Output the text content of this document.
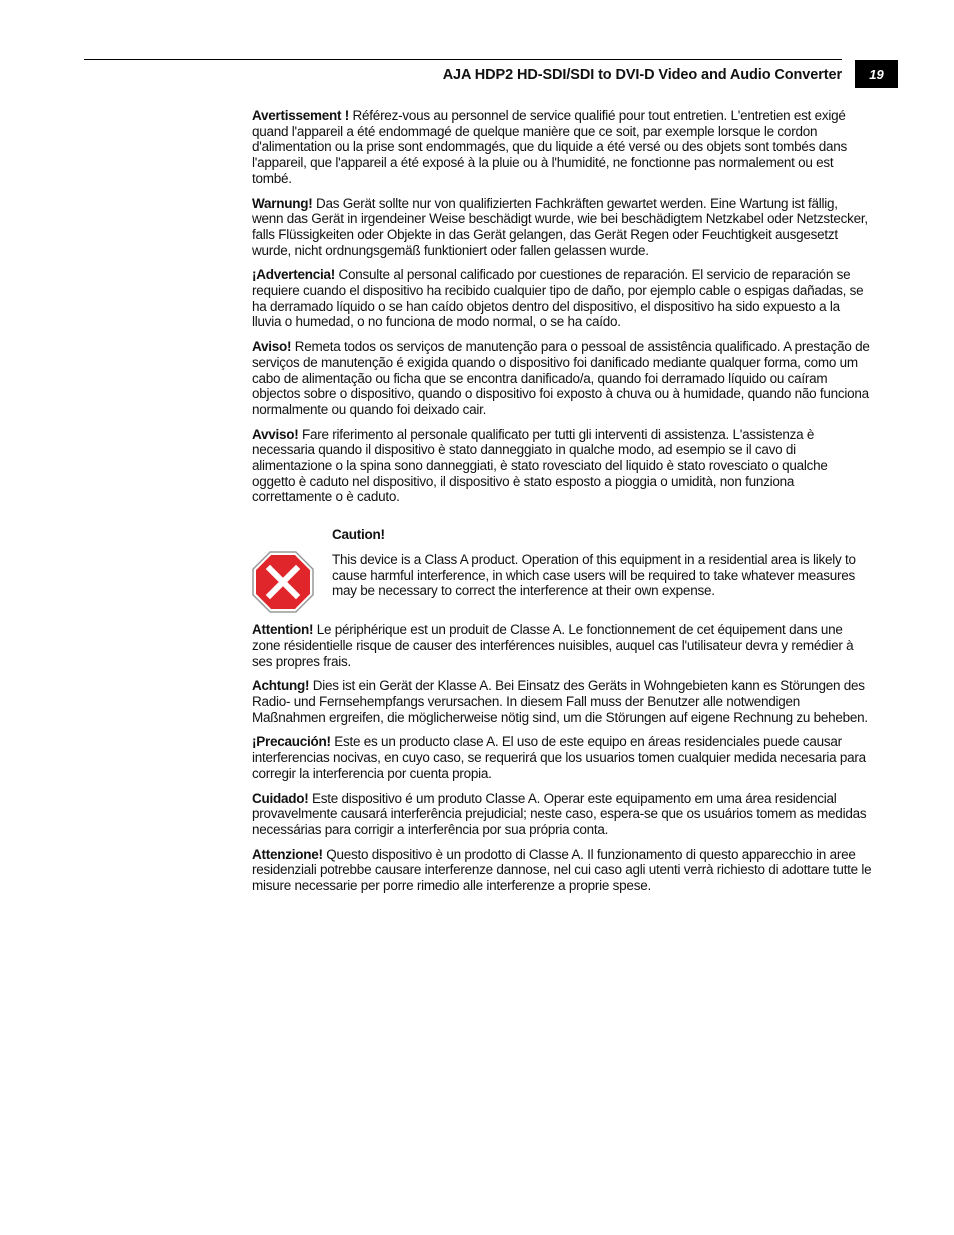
AJA HDP2 HD-SDI/SDI to DVI-D Video and Audio Converter	19

Avertissement ! Référez-vous au personnel de service qualifié pour tout entretien. L'entretien est exigé quand l'appareil a été endommagé de quelque manière que ce soit, par exemple lorsque le cordon d'alimentation ou la prise sont endommagés, que du liquide a été versé ou des objets sont tombés dans l'appareil, que l'appareil a été exposé à la pluie ou à l'humidité, ne fonctionne pas normalement ou est tombé.

Warnung! Das Gerät sollte nur von qualifizierten Fachkräften gewartet werden. Eine Wartung ist fällig, wenn das Gerät in irgendeiner Weise beschädigt wurde, wie bei beschädigtem Netzkabel oder Netzstecker, falls Flüssigkeiten oder Objekte in das Gerät gelangen, das Gerät Regen oder Feuchtigkeit ausgesetzt wurde, nicht ordnungsgemäß funktioniert oder fallen gelassen wurde.

¡Advertencia! Consulte al personal calificado por cuestiones de reparación. El servicio de reparación se requiere cuando el dispositivo ha recibido cualquier tipo de daño, por ejemplo cable o espigas dañadas, se ha derramado líquido o se han caído objetos dentro del dispositivo, el dispositivo ha sido expuesto a la lluvia o humedad, o no funciona de modo normal, o se ha caído.

Aviso! Remeta todos os serviços de manutenção para o pessoal de assistência qualificado. A prestação de serviços de manutenção é exigida quando o dispositivo foi danificado mediante qualquer forma, como um cabo de alimentação ou ficha que se encontra danificado/a, quando foi derramado líquido ou caíram objectos sobre o dispositivo, quando o dispositivo foi exposto à chuva ou à humidade, quando não funciona normalmente ou quando foi deixado cair.

Avviso! Fare riferimento al personale qualificato per tutti gli interventi di assistenza. L'assistenza è necessaria quando il dispositivo è stato danneggiato in qualche modo, ad esempio se il cavo di alimentazione o la spina sono danneggiati, è stato rovesciato del liquido è stato rovesciato o qualche oggetto è caduto nel dispositivo, il dispositivo è stato esposto a pioggia o umidità, non funziona correttamente o è caduto.

Caution!

This device is a Class A product. Operation of this equipment in a residential area is likely to cause harmful interference, in which case users will be required to take whatever measures may be necessary to correct the interference at their own expense.

Attention! Le périphérique est un produit de Classe A. Le fonctionnement de cet équipement dans une zone résidentielle risque de causer des interférences nuisibles, auquel cas l'utilisateur devra y remédier à ses propres frais.

Achtung! Dies ist ein Gerät der Klasse A. Bei Einsatz des Geräts in Wohngebieten kann es Störungen des Radio- und Fernsehempfangs verursachen. In diesem Fall muss der Benutzer alle notwendigen Maßnahmen ergreifen, die möglicherweise nötig sind, um die Störungen auf eigene Rechnung zu beheben.

¡Precaución! Este es un producto clase A. El uso de este equipo en áreas residenciales puede causar interferencias nocivas, en cuyo caso, se requerirá que los usuarios tomen cualquier medida necesaria para corregir la interferencia por cuenta propia.

Cuidado! Este dispositivo é um produto Classe A. Operar este equipamento em uma área residencial provavelmente causará interferência prejudicial; neste caso, espera-se que os usuários tomem as medidas necessárias para corrigir a interferência por sua própria conta.

Attenzione! Questo dispositivo è un prodotto di Classe A. Il funzionamento di questo apparecchio in aree residenziali potrebbe causare interferenze dannose, nel cui caso agli utenti verrà richiesto di adottare tutte le misure necessarie per porre rimedio alle interferenze a proprie spese.
